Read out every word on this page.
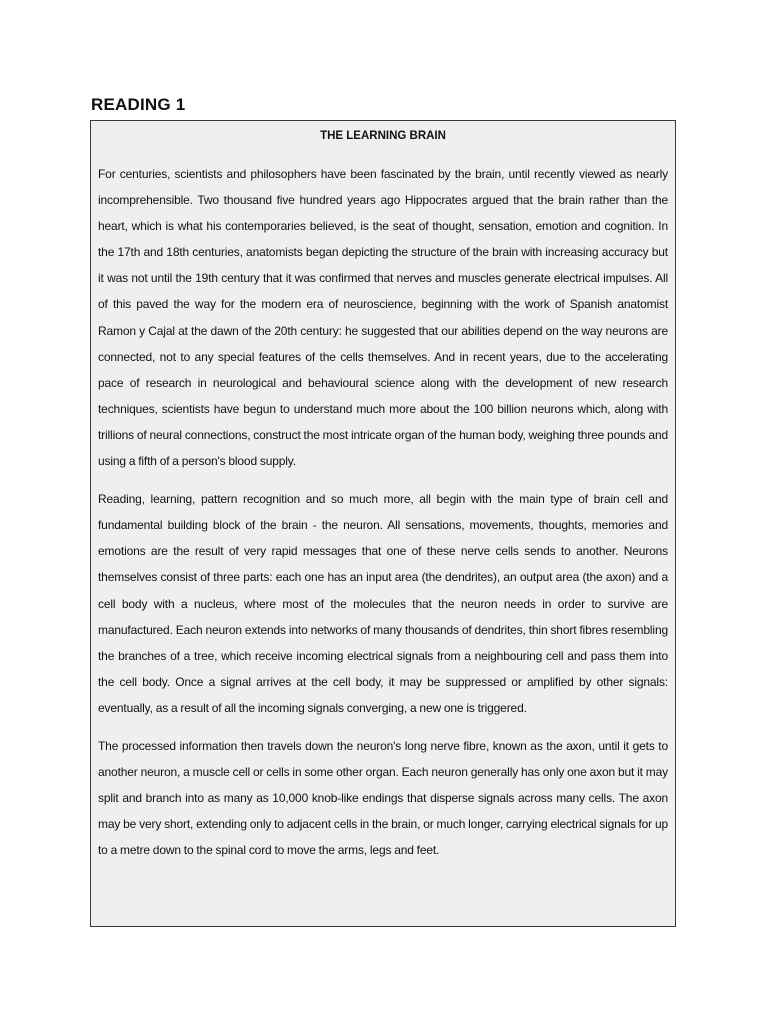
READING 1
THE LEARNING BRAIN

For centuries, scientists and philosophers have been fascinated by the brain, until recently viewed as nearly incomprehensible. Two thousand five hundred years ago Hippocrates argued that the brain rather than the heart, which is what his contemporaries believed, is the seat of thought, sensation, emotion and cognition. In the 17th and 18th centuries, anatomists began depicting the structure of the brain with increasing accuracy but it was not until the 19th century that it was confirmed that nerves and muscles generate electrical impulses. All of this paved the way for the modern era of neuroscience, beginning with the work of Spanish anatomist Ramon y Cajal at the dawn of the 20th century: he suggested that our abilities depend on the way neurons are connected, not to any special features of the cells themselves. And in recent years, due to the accelerating pace of research in neurological and behavioural science along with the development of new research techniques, scientists have begun to understand much more about the 100 billion neurons which, along with trillions of neural connections, construct the most intricate organ of the human body, weighing three pounds and using a fifth of a person's blood supply.

Reading, learning, pattern recognition and so much more, all begin with the main type of brain cell and fundamental building block of the brain - the neuron. All sensations, movements, thoughts, memories and emotions are the result of very rapid messages that one of these nerve cells sends to another. Neurons themselves consist of three parts: each one has an input area (the dendrites), an output area (the axon) and a cell body with a nucleus, where most of the molecules that the neuron needs in order to survive are manufactured. Each neuron extends into networks of many thousands of dendrites, thin short fibres resembling the branches of a tree, which receive incoming electrical signals from a neighbouring cell and pass them into the cell body. Once a signal arrives at the cell body, it may be suppressed or amplified by other signals: eventually, as a result of all the incoming signals converging, a new one is triggered.

The processed information then travels down the neuron's long nerve fibre, known as the axon, until it gets to another neuron, a muscle cell or cells in some other organ. Each neuron generally has only one axon but it may split and branch into as many as 10,000 knob-like endings that disperse signals across many cells. The axon may be very short, extending only to adjacent cells in the brain, or much longer, carrying electrical signals for up to a metre down to the spinal cord to move the arms, legs and feet.
